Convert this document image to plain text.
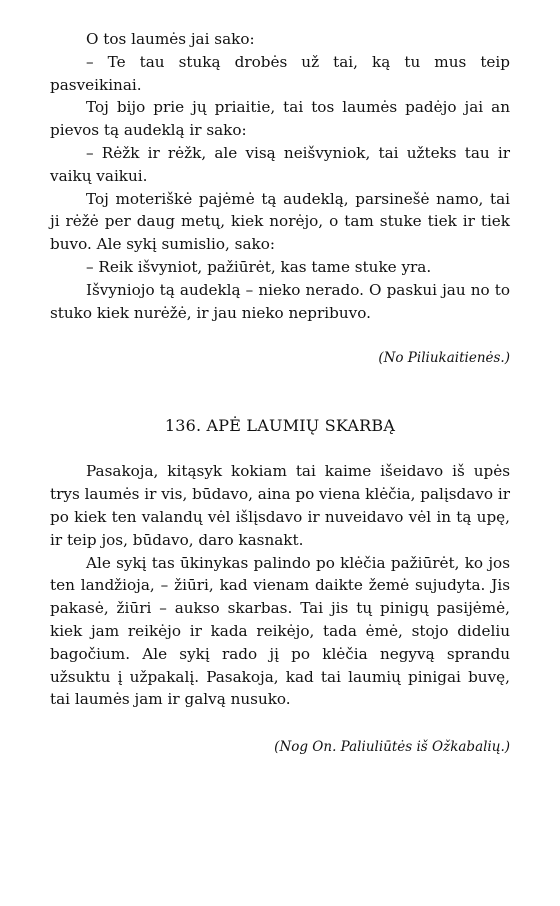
O tos laumės jai sako:

– Te tau stuką drobės už tai, ką tu mus teip pasveikinai.

Toj bijo prie jų priaitie, tai tos laumės padėjo jai an pievos tą audeklą ir sako:

– Rėžk ir rėžk, ale visą neišvyniok, tai užteks tau ir vaikų vaikui.

Toj moteriškė pajėmė tą audeklą, parsinešė namo, tai ji rėžė per daug metų, kiek norėjo, o tam stuke tiek ir tiek buvo. Ale sykį sumislio, sako:

– Reik išvyniot, pažiūrėt, kas tame stuke yra.

Išvyniojo tą audeklą – nieko nerado. O paskui jau no to stuko kiek nurėžė, ir jau nieko nepribuvo.

(No Piliukaitienės.)

136. APĖ LAUMIŲ SKARBĄ

Pasakoja, kitąsyk kokiam tai kaime išeidavo iš upės trys laumės ir vis, būdavo, aina po viena klėčia, palįsdavo ir po kiek ten valandų vėl išlįsdavo ir nuveidavo vėl in tą upę, ir teip jos, būdavo, daro kasnakt.

Ale sykį tas ūkinykas palindo po klėčia pažiūrėt, ko jos ten landžioja, – žiūri, kad vienam daikte žemė sujudyta. Jis pakasė, žiūri – aukso skarbas. Tai jis tų pinigų pasijėmė, kiek jam reikėjo ir kada reikėjo, tada ėmė, stojo dideliu bagočium. Ale sykį rado jį po klėčia negyvą sprandu užsuktu į užpakalį. Pasakoja, kad tai laumių pinigai buvę, tai laumės jam ir galvą nusuko.

(Nog On. Paliuliūtės iš Ožkabalių.)
